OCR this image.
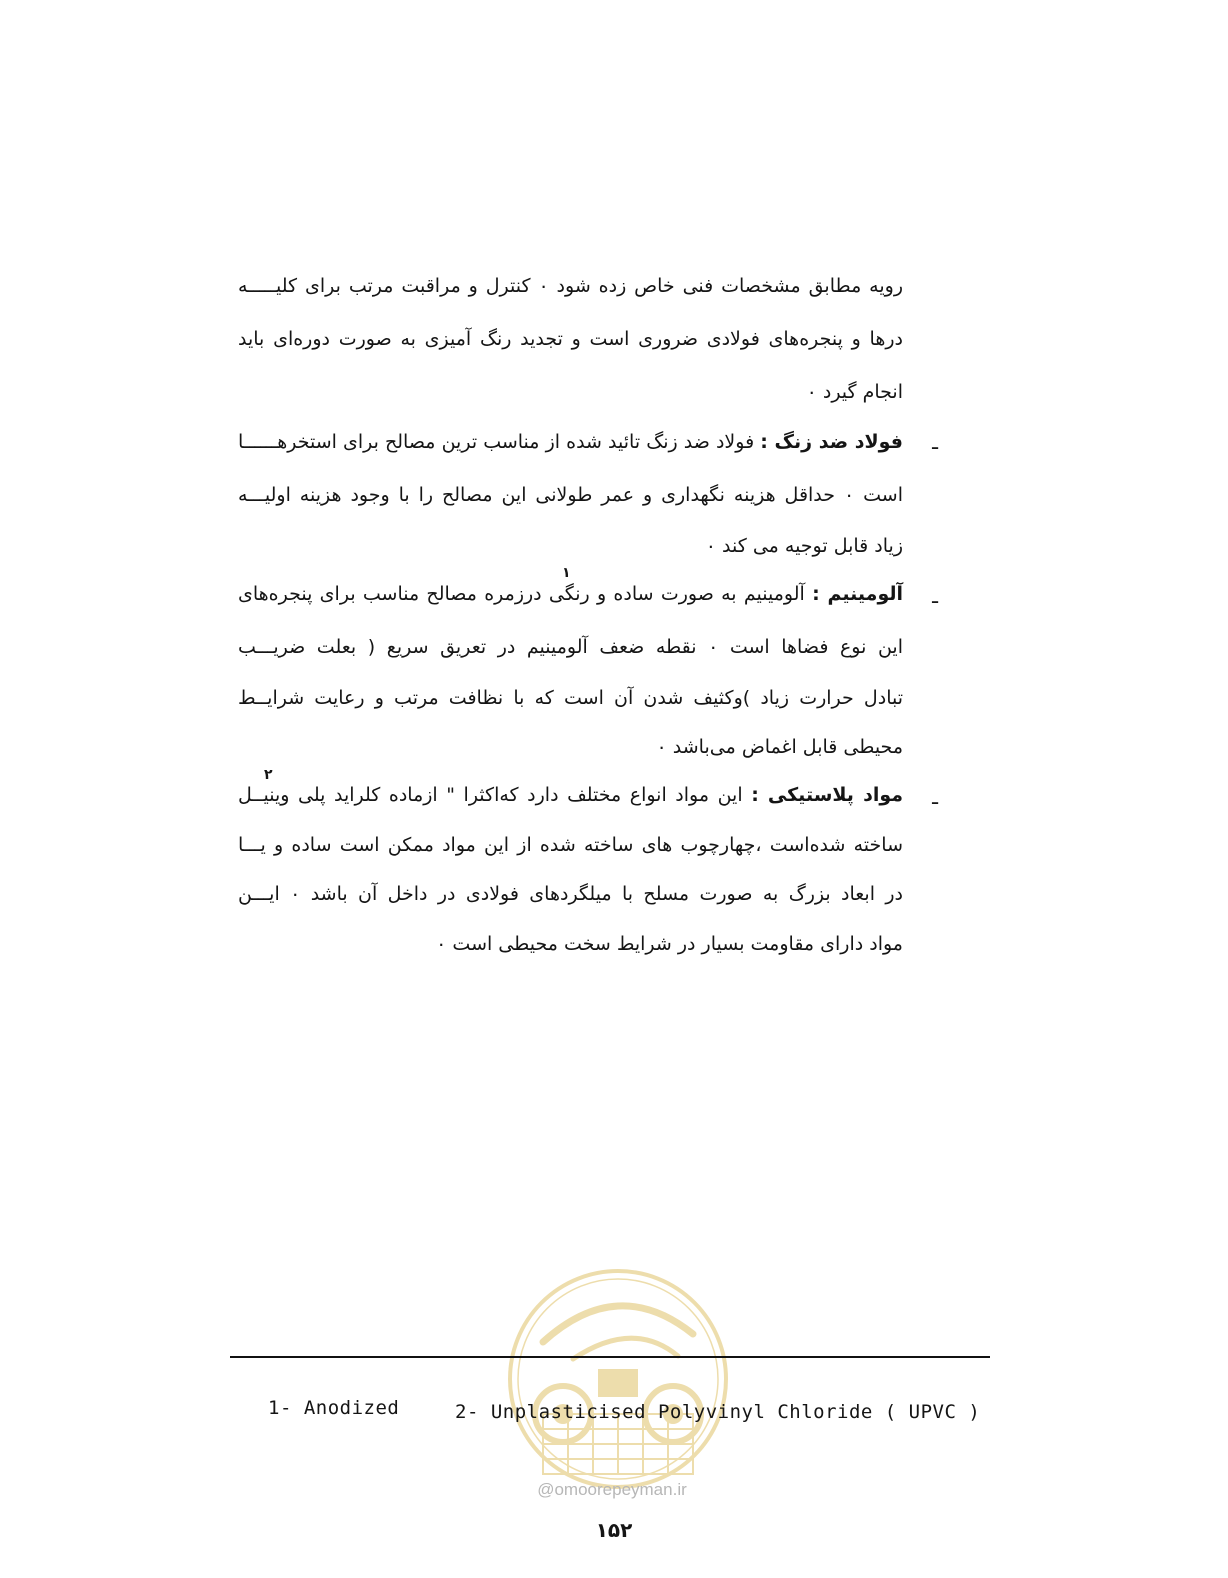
رویه مطابق مشخصات فنی خاص زده شود ۰ کنترل و مراقبت مرتب برای کلیـــــه
درها و پنجره‌های فولادی ضروری است و تجدید رنگ آمیزی به صورت دوره‌ای باید
انجام گیرد ۰
ـ
فولاد ضد زنگ : فولاد ضد زنگ تائید شده از مناسب ترین مصالح برای استخرهــــــا
است ۰ حداقل هزینه نگهداری و عمر طولانی این مصالح را با وجود هزینه اولیـــه
زیاد قابل توجیه می کند ۰
ـ
۱
آلومینیم : آلومینیم به صورت ساده و رنگی درزمره مصالح مناسب برای پنجره‌های
این نوع فضاها است ۰ نقطه ضعف آلومینیم در تعریق سریع ( بعلت ضریـــب
تبادل حرارت زیاد )وکثیف شدن آن است که با نظافت مرتب و رعایت شرایــط
محیطی قابل اغماض می‌باشد ۰
ـ
۲
مواد پلاستیکی : این مواد انواع مختلف دارد که‌اکثرا " ازماده کلراید پلی وینیــل
ساخته شده‌است ،چهارچوب های ساخته شده از این مواد ممکن است ساده و یـــا
در ابعاد بزرگ به صورت مسلح با میلگردهای فولادی در داخل آن باشد ۰ ایـــن
مواد دارای مقاومت بسیار در شرایط سخت محیطی است ۰
1- Anodized	2- Unplasticised Polyvinyl Chloride ( UPVC )
@omoorepeyman.ir
۱۵۲
